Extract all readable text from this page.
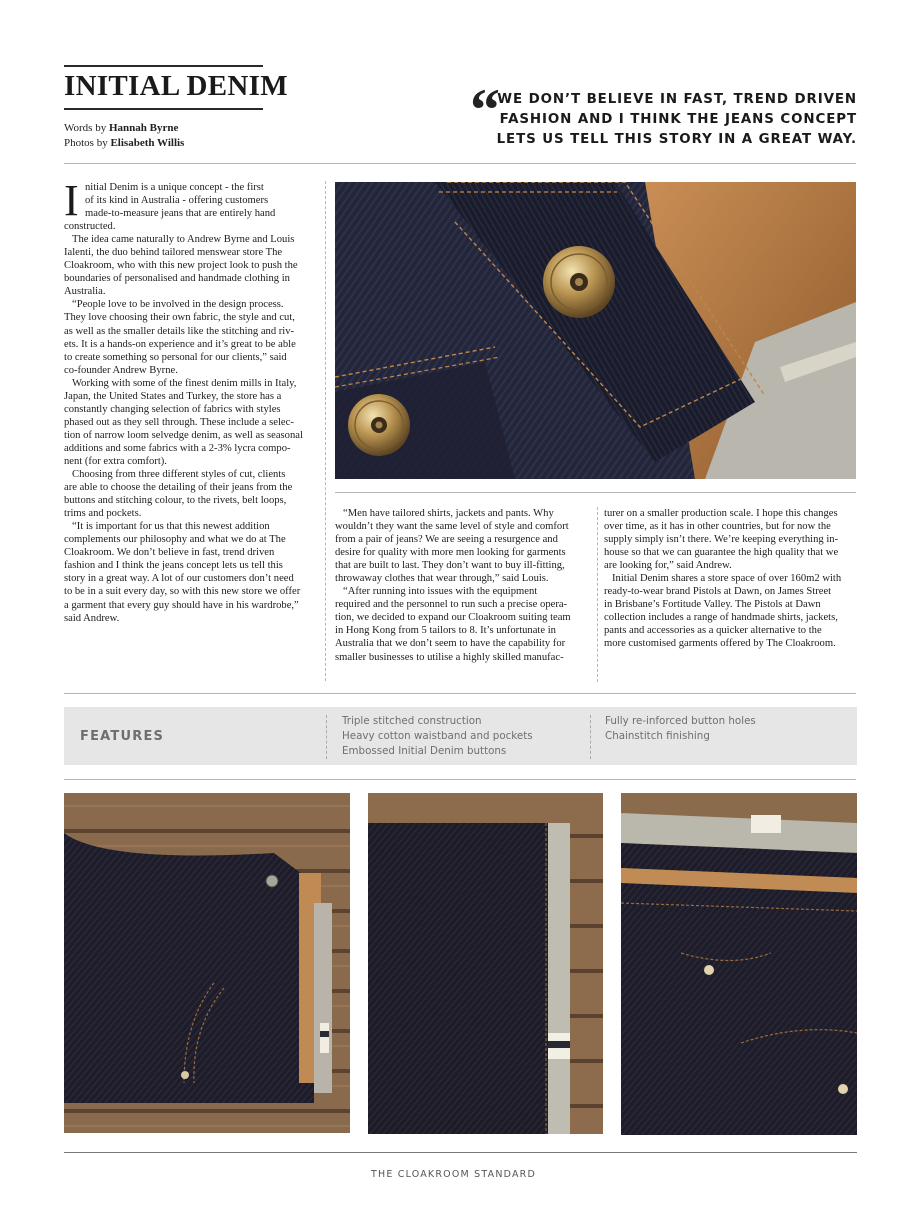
INITIAL DENIM
Words by Hannah Byrne
Photos by Elisabeth Willis	“
WE DON’T BELIEVE IN FAST, TREND DRIVEN
FASHION AND I THINK THE JEANS CONCEPT
LETS US TELL THIS STORY IN A GREAT WAY.
I nitial Denim is a unique concept - the first
of its kind in Australia - offering customers
made-to-measure jeans that are entirely hand
constructed.
The idea came naturally to Andrew Byrne and Louis
Ialenti, the duo behind tailored menswear store The
Cloakroom, who with this new project look to push the
boundaries of personalised and handmade clothing in
Australia.
“People love to be involved in the design process.
They love choosing their own fabric, the style and cut,
as well as the smaller details like the stitching and riv-
ets. It is a hands-on experience and it’s great to be able
to create something so personal for our clients,” said
co-founder Andrew Byrne.
Working with some of the finest denim mills in Italy,
Japan, the United States and Turkey, the store has a
constantly changing selection of fabrics with styles
phased out as they sell through. These include a selec-
tion of narrow loom selvedge denim, as well as seasonal
additions and some fabrics with a 2-3% lycra compo-
nent (for extra comfort).
Choosing from three different styles of cut, clients
are able to choose the detailing of their jeans from the
buttons and stitching colour, to the rivets, belt loops,
trims and pockets.
“It is important for us that this newest addition
complements our philosophy and what we do at The
Cloakroom. We don’t believe in fast, trend driven
fashion and I think the jeans concept lets us tell this
story in a great way. A lot of our customers don’t need
to be in a suit every day, so with this new store we offer
a garment that every guy should have in his wardrobe,”
said Andrew.
“Men have tailored shirts, jackets and pants. Why
wouldn’t they want the same level of style and comfort
from a pair of jeans? We are seeing a resurgence and
desire for quality with more men looking for garments
that are built to last. They don’t want to buy ill-fitting,
throwaway clothes that wear through,” said Louis.
“After running into issues with the equipment
required and the personnel to run such a precise opera-
tion, we decided to expand our Cloakroom suiting team
in Hong Kong from 5 tailors to 8. It’s unfortunate in
Australia that we don’t seem to have the capability for
smaller businesses to utilise a highly skilled manufac-
turer on a smaller production scale. I hope this changes
over time, as it has in other countries, but for now the
supply simply isn’t there. We’re keeping everything in-
house so that we can guarantee the high quality that we
are looking for,” said Andrew.
Initial Denim shares a store space of over 160m2 with
ready-to-wear brand Pistols at Dawn, on James Street
in Brisbane’s Fortitude Valley. The Pistols at Dawn
collection includes a range of handmade shirts, jackets,
pants and accessories as a quicker alternative to the
more customised garments offered by The Cloakroom.
FEATURES
Triple stitched construction
Heavy cotton waistband and pockets
Embossed Initial Denim buttons
Fully re-inforced button holes
Chainstitch finishing
THE CLOAKROOM STANDARD
